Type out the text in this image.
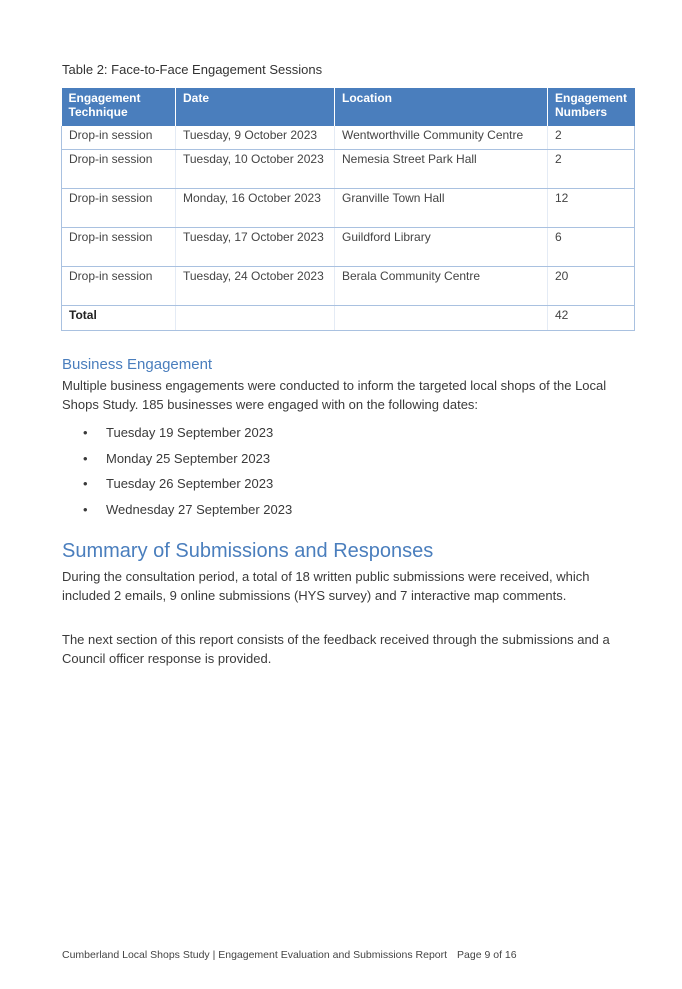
Table 2: Face-to-Face Engagement Sessions
Engagement Technique	Date	Location	Engagement Numbers
Drop-in session	Tuesday, 9 October 2023	Wentworthville Community Centre	2
Drop-in session	Tuesday, 10 October 2023	Nemesia Street Park Hall	2
Drop-in session	Monday, 16 October 2023	Granville Town Hall	12
Drop-in session	Tuesday, 17 October 2023	Guildford Library	6
Drop-in session	Tuesday, 24 October 2023	Berala Community Centre	20
Total			42
Business Engagement
Multiple business engagements were conducted to inform the targeted local shops of the Local Shops Study. 185 businesses were engaged with on the following dates:
• Tuesday 19 September 2023
• Monday 25 September 2023
• Tuesday 26 September 2023
• Wednesday 27 September 2023
Summary of Submissions and Responses
During the consultation period, a total of 18 written public submissions were received, which included 2 emails, 9 online submissions (HYS survey) and 7 interactive map comments.
The next section of this report consists of the feedback received through the submissions and a Council officer response is provided.
Cumberland Local Shops Study | Engagement Evaluation and Submissions Report Page 9 of 16
